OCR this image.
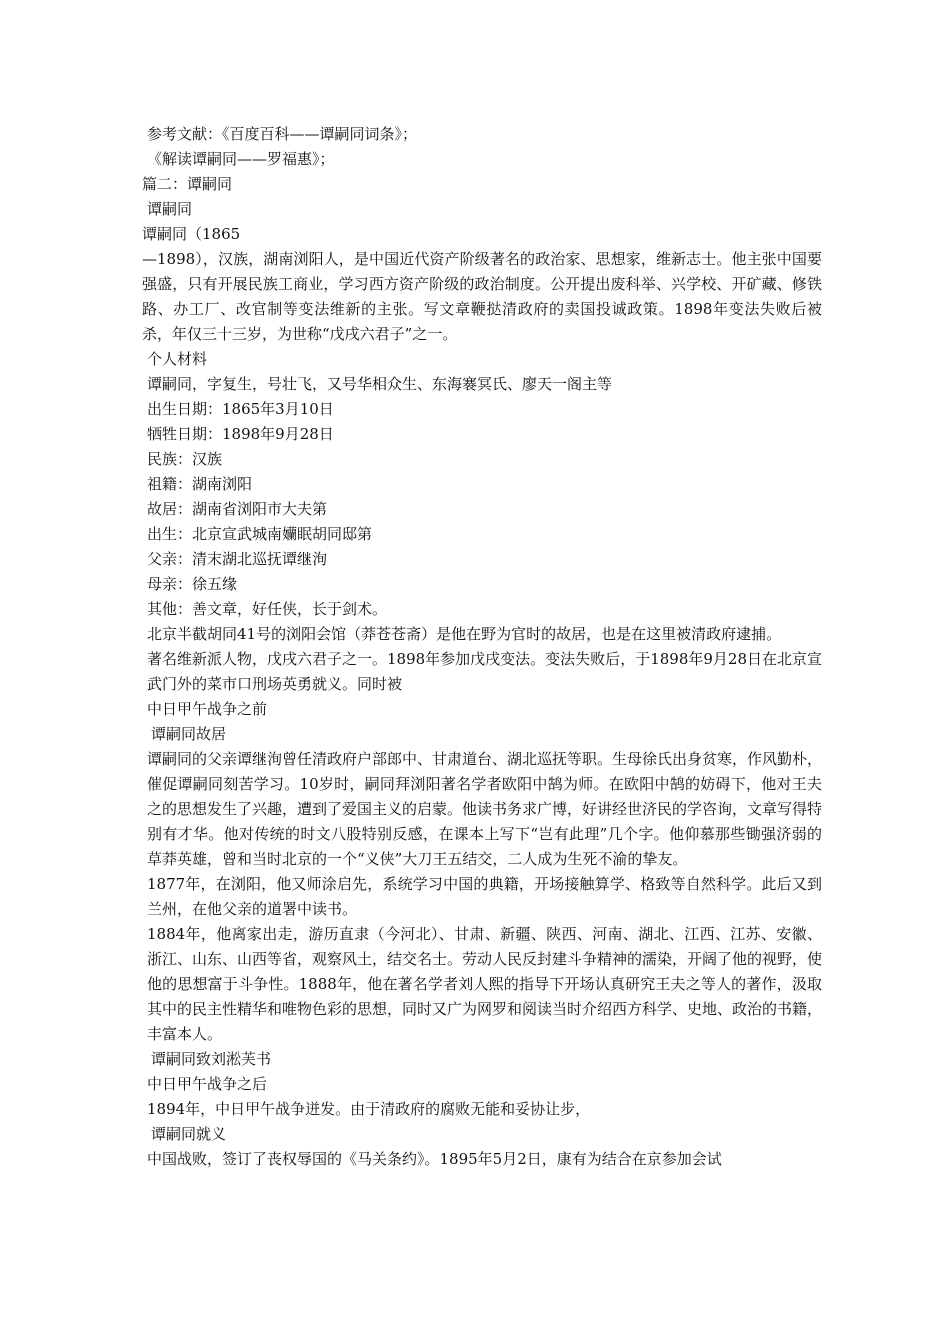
参考文献：《百度百科——谭嗣同词条》；
《解读谭嗣同——罗福惠》；
篇二：谭嗣同
谭嗣同
谭嗣同（1865
—1898），汉族，湖南浏阳人，是中国近代资产阶级著名的政治家、思想家，维新志士。他主张中国要强盛，只有开展民族工商业，学习西方资产阶级的政治制度。公开提出废科举、兴学校、开矿藏、修铁路、办工厂、改官制等变法维新的主张。写文章鞭挞清政府的卖国投诚政策。1898年变法失败后被杀，年仅三十三岁，为世称“戊戌六君子”之一。
个人材料
谭嗣同，字复生，号壮飞，又号华相众生、东海褰冥氏、廖天一阁主等
出生日期：1865年3月10日
牺牲日期：1898年9月28日
民族：汉族
祖籍：湖南浏阳
故居：湖南省浏阳市大夫第
出生：北京宣武城南孏眠胡同邸第
父亲：清末湖北巡抚谭继洵
母亲：徐五缘
其他：善文章，好任侠，长于剑术。
北京半截胡同41号的浏阳会馆（莽苍苍斋）是他在野为官时的故居，也是在这里被清政府逮捕。
著名维新派人物，戊戌六君子之一。1898年参加戊戌变法。变法失败后，于1898年9月28日在北京宣武门外的菜市口刑场英勇就义。同时被
中日甲午战争之前
谭嗣同故居
谭嗣同的父亲谭继洵曾任清政府户部郎中、甘肃道台、湖北巡抚等职。生母徐氏出身贫寒，作风勤朴，催促谭嗣同刻苦学习。10岁时，嗣同拜浏阳著名学者欧阳中鹄为师。在欧阳中鹄的妨碍下，他对王夫之的思想发生了兴趣，遭到了爱国主义的启蒙。他读书务求广博，好讲经世济民的学咨询，文章写得特别有才华。他对传统的时文八股特别反感，在课本上写下“岂有此理”几个字。他仰慕那些锄强济弱的草莽英雄，曾和当时北京的一个“义侠”大刀王五结交，二人成为生死不渝的挚友。
1877年，在浏阳，他又师涂启先，系统学习中国的典籍，开场接触算学、格致等自然科学。此后又到兰州，在他父亲的道署中读书。
1884年，他离家出走，游历直隶（今河北）、甘肃、新疆、陕西、河南、湖北、江西、江苏、安徽、浙江、山东、山西等省，观察风土，结交名士。劳动人民反封建斗争精神的濡染，开阔了他的视野，使他的思想富于斗争性。1888年，他在著名学者刘人熙的指导下开场认真研究王夫之等人的著作，汲取其中的民主性精华和唯物色彩的思想，同时又广为网罗和阅读当时介绍西方科学、史地、政治的书籍，丰富本人。
谭嗣同致刘淞芙书
中日甲午战争之后
1894年，中日甲午战争迸发。由于清政府的腐败无能和妥协让步，
谭嗣同就义
中国战败，签订了丧权辱国的《马关条约》。1895年5月2日，康有为结合在京参加会试
